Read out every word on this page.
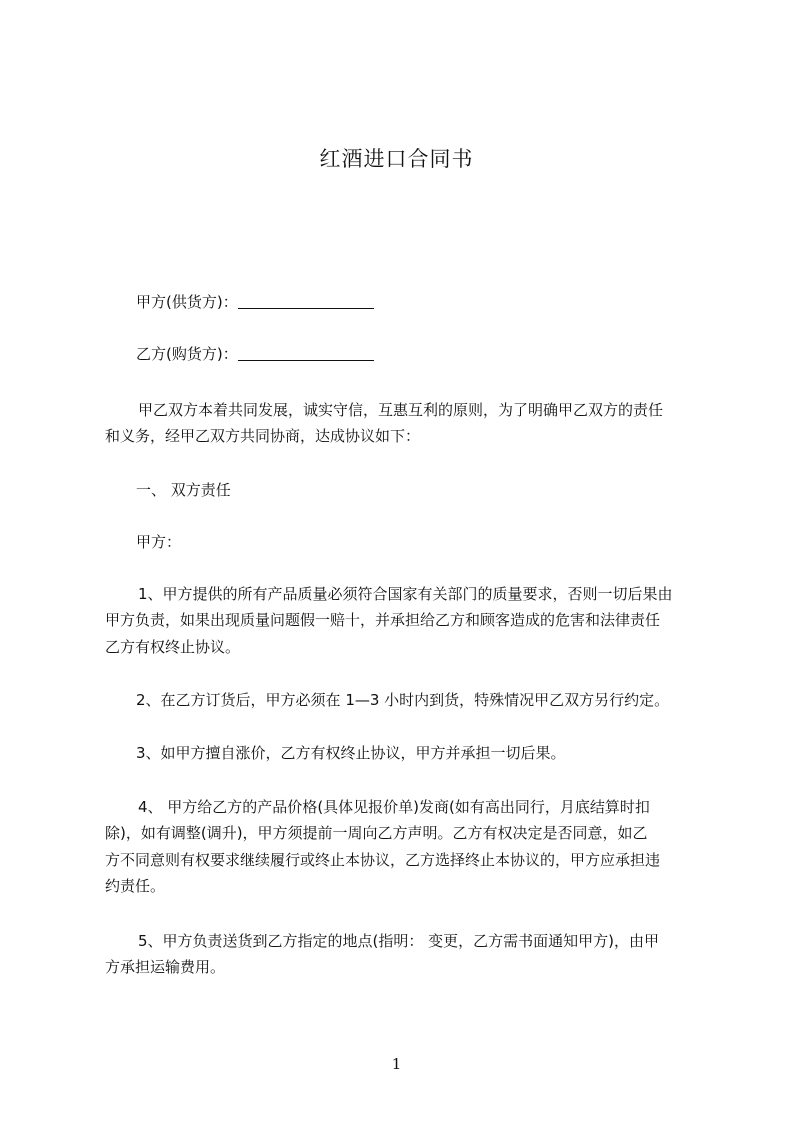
红酒进口合同书
甲方(供货方)：
乙方(购货方)：
甲乙双方本着共同发展，诚实守信，互惠互利的原则，为了明确甲乙双方的责任
和义务，经甲乙双方共同协商，达成协议如下：
一、 双方责任
甲方：
1、甲方提供的所有产品质量必须符合国家有关部门的质量要求，否则一切后果由
甲方负责，如果出现质量问题假一赔十，并承担给乙方和顾客造成的危害和法律责任
乙方有权终止协议。
2、在乙方订货后，甲方必须在 1—3 小时内到货，特殊情况甲乙双方另行约定。
3、如甲方擅自涨价，乙方有权终止协议，甲方并承担一切后果。
4、 甲方给乙方的产品价格(具体见报价单)发商(如有高出同行，月底结算时扣
除)，如有调整(调升)，甲方须提前一周向乙方声明。乙方有权决定是否同意，如乙
方不同意则有权要求继续履行或终止本协议，乙方选择终止本协议的，甲方应承担违
约责任。
5、甲方负责送货到乙方指定的地点(指明： 变更，乙方需书面通知甲方)，由甲
方承担运输费用。
1
